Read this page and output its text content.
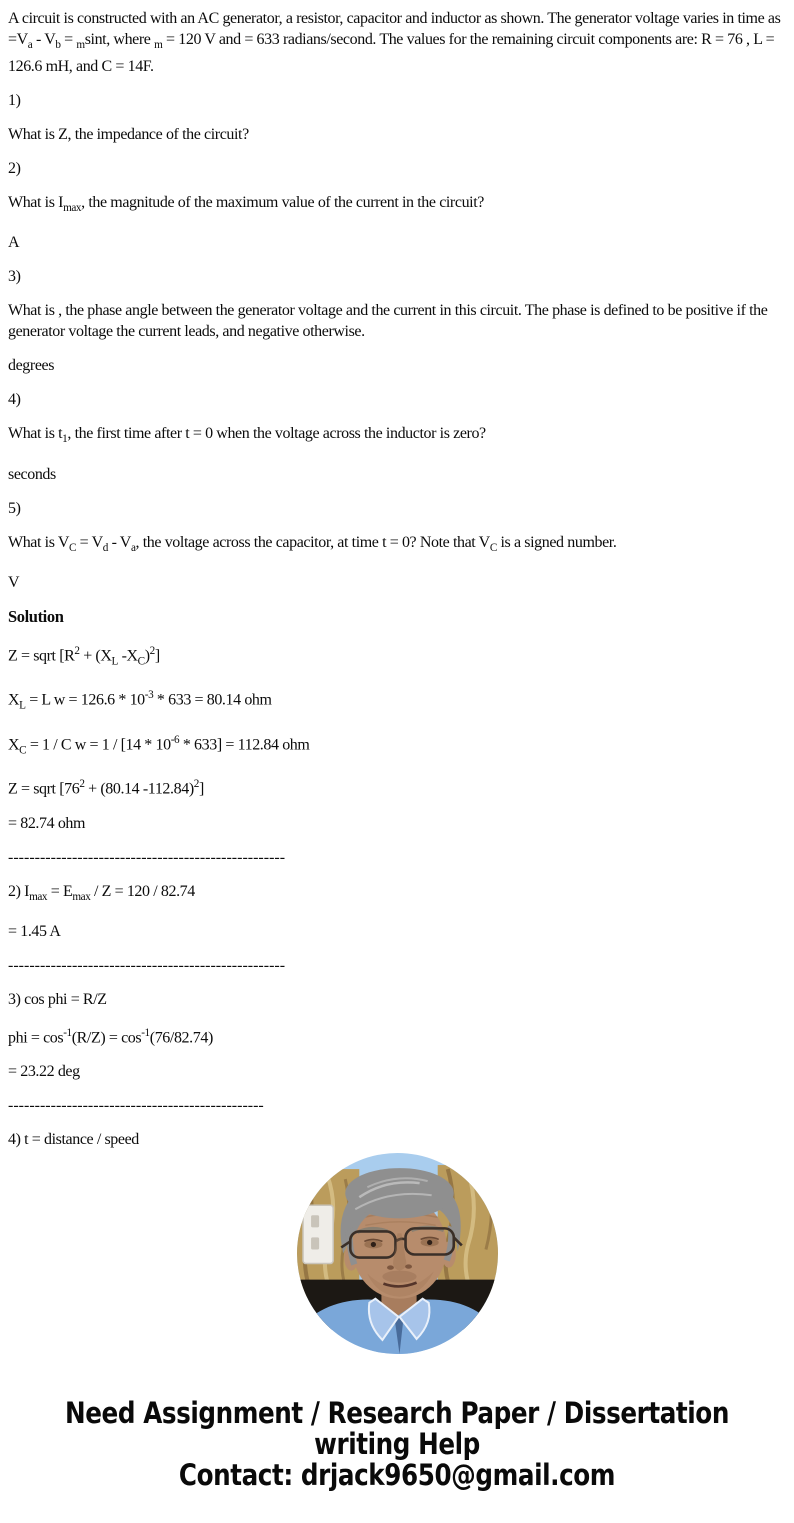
A circuit is constructed with an AC generator, a resistor, capacitor and inductor as shown. The generator voltage varies in time as $=V_a - V_b = _m\sin t$, where $_m$ = 120 V and = 633 radians/second. The values for the remaining circuit components are: R = 76 , L = 126.6 mH, and C = 14F.

1)

What is Z, the impedance of the circuit?

2)

What is $I_{max}$, the magnitude of the maximum value of the current in the circuit?

A

3)

What is , the phase angle between the generator voltage and the current in this circuit. The phase is defined to be positive if the generator voltage the current leads, and negative otherwise.

degrees

4)

What is $t_1$, the first time after t = 0 when the voltage across the inductor is zero?

seconds

5)

What is $V_C = V_d - V_a$, the voltage across the capacitor, at time t = 0? Note that $V_C$ is a signed number.

V

Solution

Z = sqrt [$R^2 + (X_L$ $-X_C)^2$]

$X_L = L$ $w = 126.6 * 10^{-3} * 633 = 80.14$ ohm

$X_C = 1 / C$ $w = 1 / [14 * 10^{-6} * 633] = 112.84$ ohm

Z = sqrt [$76^2 + (80.14$ -112.84)$^2$]

= 82.74 ohm

----------------------------------------------------

2) $I_{max} = E_{max} / Z = 120 / 82.74$

= 1.45 A

----------------------------------------------------

3) cos phi = R/Z

phi = $\cos^{-1}(R/Z) = \cos^{-1}(76/82.74)$

= 23.22 deg

------------------------------------------------

4) t = distance / speed

Need Assignment / Research Paper / Dissertation
writing Help
Contact: drjack9650@gmail.com
